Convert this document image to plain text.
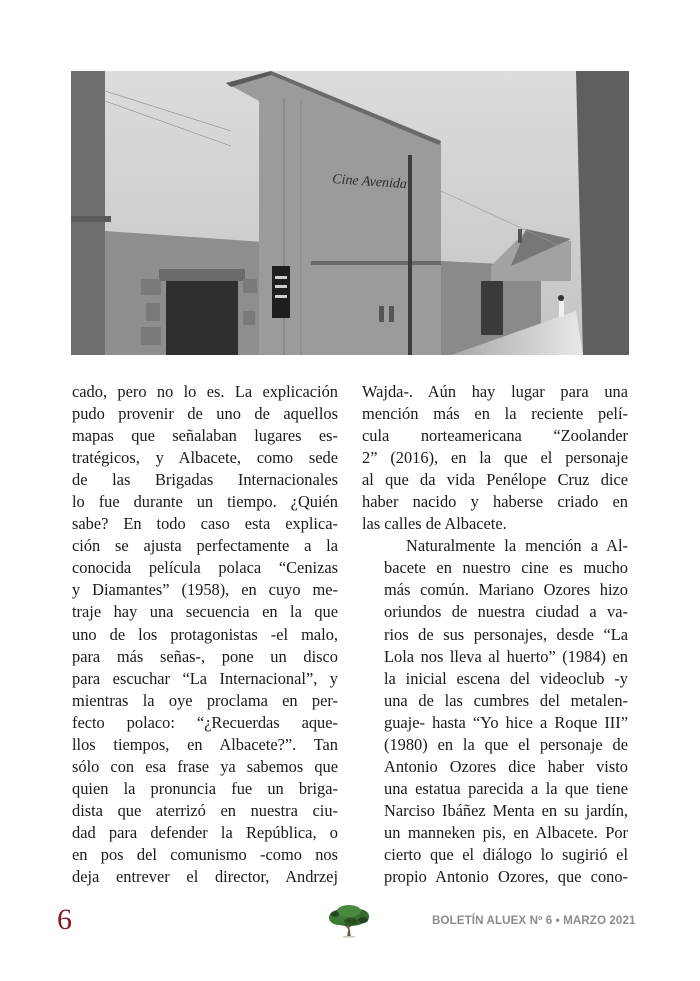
Cine Avenida

cado, pero no lo es. La explicación
pudo provenir de uno de aquellos
mapas que señalaban lugares es-
tratégicos, y Albacete, como sede
de las Brigadas Internacionales
lo fue durante un tiempo. ¿Quién
sabe? En todo caso esta explica-
ción se ajusta perfectamente a la
conocida película polaca “Cenizas
y Diamantes” (1958), en cuyo me-
traje hay una secuencia en la que
uno de los protagonistas -el malo,
para más señas-, pone un disco
para escuchar “La Internacional”, y
mientras la oye proclama en per-
fecto polaco: “¿Recuerdas aque-
llos tiempos, en Albacete?”. Tan
sólo con esa frase ya sabemos que
quien la pronuncia fue un briga-
dista que aterrizó en nuestra ciu-
dad para defender la República, o
en pos del comunismo -como nos
deja entrever el director, Andrzej

Wajda-. Aún hay lugar para una
mención más en la reciente pelí-
cula norteamericana “Zoolander
2” (2016), en la que el personaje
al que da vida Penélope Cruz dice
haber nacido y haberse criado en
las calles de Albacete.

Naturalmente la mención a Al-
bacete en nuestro cine es mucho
más común. Mariano Ozores hizo
oriundos de nuestra ciudad a va-
rios de sus personajes, desde “La
Lola nos lleva al huerto” (1984) en
la inicial escena del videoclub -y
una de las cumbres del metalen-
guaje- hasta “Yo hice a Roque III”
(1980) en la que el personaje de
Antonio Ozores dice haber visto
una estatua parecida a la que tiene
Narciso Ibáñez Menta en su jardín,
un manneken pis, en Albacete. Por
cierto que el diálogo lo sugirió el
propio Antonio Ozores, que cono-

6	BOLETÍN ALUEX Nº 6 • MARZO 2021
